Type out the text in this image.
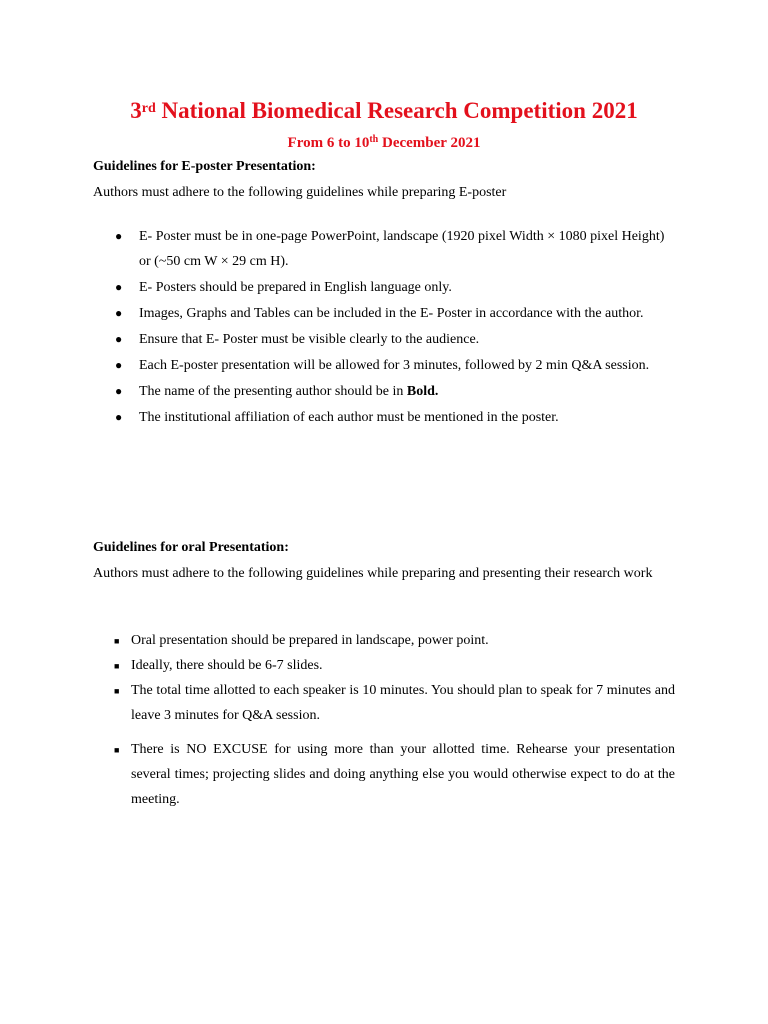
3rd National Biomedical Research Competition 2021

From 6 to 10th December 2021

Guidelines for E-poster Presentation:

Authors must adhere to the following guidelines while preparing E-poster

● E- Poster must be in one-page PowerPoint, landscape (1920 pixel Width × 1080 pixel Height) or (~50 cm W × 29 cm H).
● E- Posters should be prepared in English language only.
● Images, Graphs and Tables can be included in the E- Poster in accordance with the author.
● Ensure that E- Poster must be visible clearly to the audience.
● Each E-poster presentation will be allowed for 3 minutes, followed by 2 min Q&A session.
● The name of the presenting author should be in Bold.
● The institutional affiliation of each author must be mentioned in the poster.

Guidelines for oral Presentation:

Authors must adhere to the following guidelines while preparing and presenting their research work

■ Oral presentation should be prepared in landscape, power point.
■ Ideally, there should be 6-7 slides.
■ The total time allotted to each speaker is 10 minutes. You should plan to speak for 7 minutes and leave 3 minutes for Q&A session.
■ There is NO EXCUSE for using more than your allotted time. Rehearse your presentation several times; projecting slides and doing anything else you would otherwise expect to do at the meeting.
